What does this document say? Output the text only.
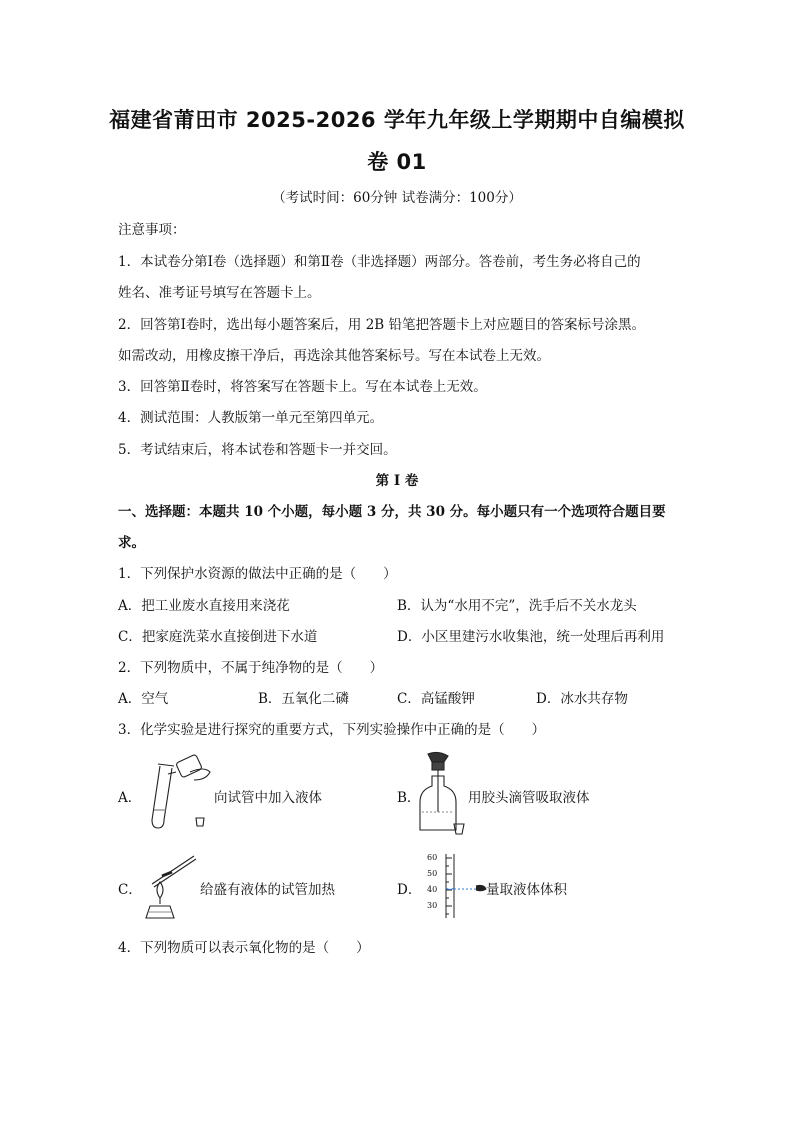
福建省莆田市 2025-2026 学年九年级上学期期中自编模拟
卷 01
（考试时间：60分钟 试卷满分：100分）
注意事项：
1．本试卷分第Ⅰ卷（选择题）和第Ⅱ卷（非选择题）两部分。答卷前，考生务必将自己的
姓名、准考证号填写在答题卡上。
2．回答第Ⅰ卷时，选出每小题答案后，用 2B 铅笔把答题卡上对应题目的答案标号涂黑。
如需改动，用橡皮擦干净后，再选涂其他答案标号。写在本试卷上无效。
3．回答第Ⅱ卷时，将答案写在答题卡上。写在本试卷上无效。
4．测试范围：人教版第一单元至第四单元。
5．考试结束后，将本试卷和答题卡一并交回。
第 I 卷
一、选择题：本题共 10 个小题，每小题 3 分，共 30 分。每小题只有一个选项符合题目要
求。
1．下列保护水资源的做法中正确的是（　　）
A．把工业废水直接用来浇花	B．认为“水用不完”，洗手后不关水龙头
C．把家庭洗菜水直接倒进下水道	D．小区里建污水收集池，统一处理后再利用
2．下列物质中，不属于纯净物的是（　　）
A．空气	B．五氧化二磷	C．高锰酸钾	D．冰水共存物
3．化学实验是进行探究的重要方式，下列实验操作中正确的是（　　）
A．	向试管中加入液体	B．	用胶头滴管吸取液体
C．	给盛有液体的试管加热	D．
60
50
40
30
量取液体体积
4．下列物质可以表示氧化物的是（　　）
